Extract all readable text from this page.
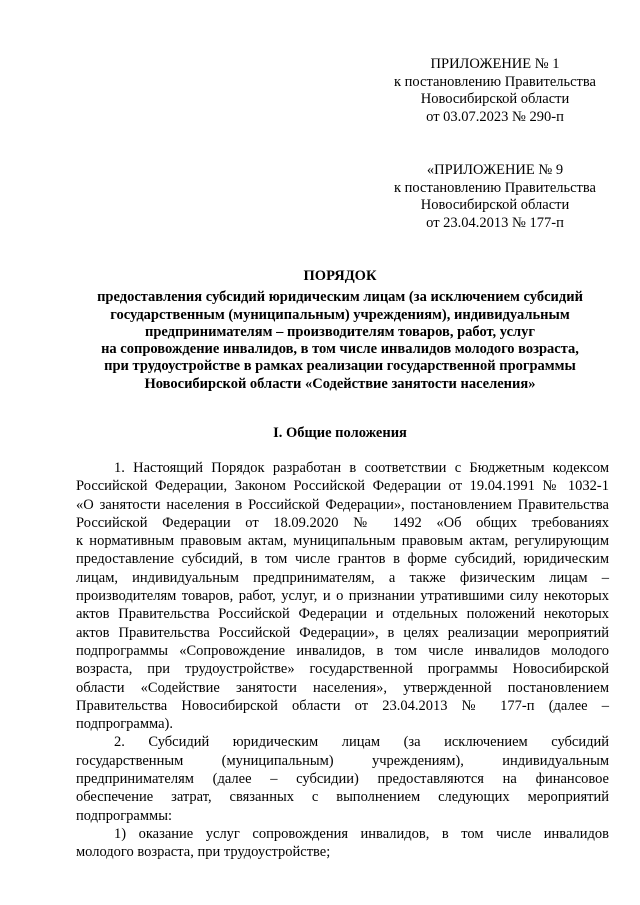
ПРИЛОЖЕНИЕ № 1
к постановлению Правительства
Новосибирской области
от 03.07.2023 № 290-п
«ПРИЛОЖЕНИЕ № 9
к постановлению Правительства
Новосибирской области
от 23.04.2013 № 177-п
ПОРЯДОК
предоставления субсидий юридическим лицам (за исключением субсидий
государственным (муниципальным) учреждениям), индивидуальным
предпринимателям – производителям товаров, работ, услуг
на сопровождение инвалидов, в том числе инвалидов молодого возраста,
при трудоустройстве в рамках реализации государственной программы
Новосибирской области «Содействие занятости населения»
I. Общие положения
1. Настоящий Порядок разработан в соответствии с Бюджетным кодексом
Российской Федерации, Законом Российской Федерации от 19.04.1991 № 1032-1
«О занятости населения в Российской Федерации», постановлением Правительства
Российской Федерации от 18.09.2020 № 1492 «Об общих требованиях
к нормативным правовым актам, муниципальным правовым актам, регулирующим
предоставление субсидий, в том числе грантов в форме субсидий, юридическим
лицам, индивидуальным предпринимателям, а также физическим лицам –
производителям товаров, работ, услуг, и о признании утратившими силу некоторых
актов Правительства Российской Федерации и отдельных положений некоторых
актов Правительства Российской Федерации», в целях реализации мероприятий
подпрограммы «Сопровождение инвалидов, в том числе инвалидов молодого
возраста, при трудоустройстве» государственной программы Новосибирской
области «Содействие занятости населения», утвержденной постановлением
Правительства Новосибирской области от 23.04.2013 № 177-п (далее –
подпрограмма).
2. Субсидий юридическим лицам (за исключением субсидий
государственным (муниципальным) учреждениям), индивидуальным
предпринимателям (далее – субсидии) предоставляются на финансовое
обеспечение затрат, связанных с выполнением следующих мероприятий
подпрограммы:
1) оказание услуг сопровождения инвалидов, в том числе инвалидов
молодого возраста, при трудоустройстве;
